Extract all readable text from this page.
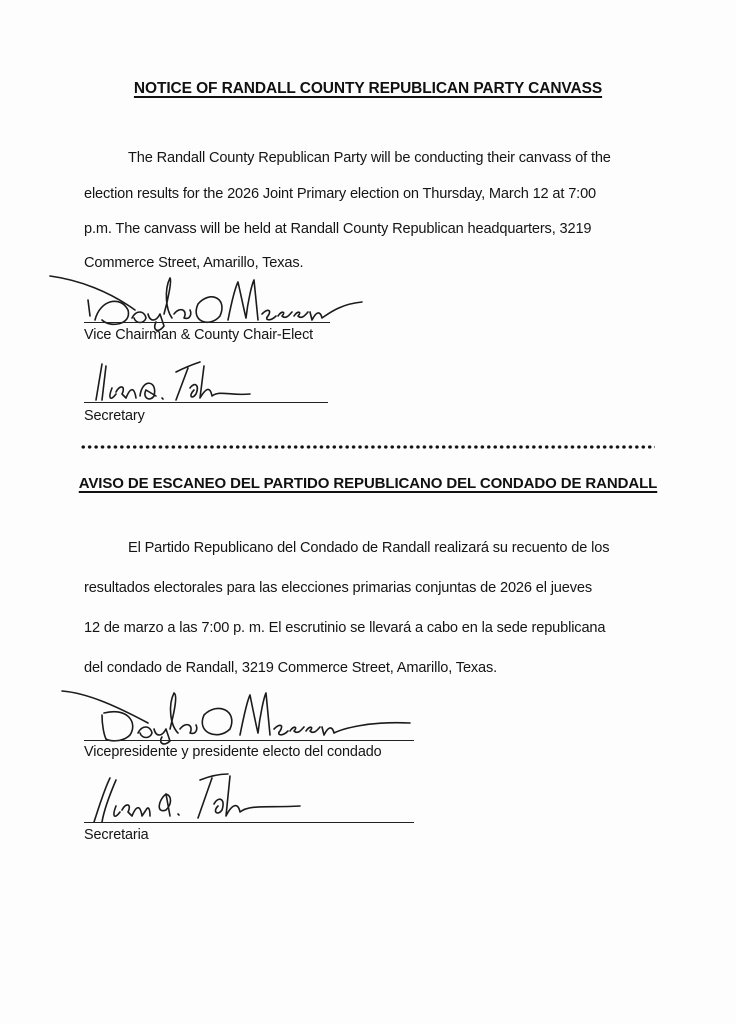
NOTICE OF RANDALL COUNTY REPUBLICAN PARTY CANVASS
The Randall County Republican Party will be conducting their canvass of the
election results for the 2026 Joint Primary election on Thursday, March 12 at 7:00
p.m. The canvass will be held at Randall County Republican headquarters, 3219
Commerce Street, Amarillo, Texas.
Vice Chairman & County Chair-Elect
Secretary
AVISO DE ESCANEO DEL PARTIDO REPUBLICANO DEL CONDADO DE RANDALL
El Partido Republicano del Condado de Randall realizará su recuento de los
resultados electorales para las elecciones primarias conjuntas de 2026 el jueves
12 de marzo a las 7:00 p. m. El escrutinio se llevará a cabo en la sede republicana
del condado de Randall, 3219 Commerce Street, Amarillo, Texas.
Vicepresidente y presidente electo del condado
Secretaria
